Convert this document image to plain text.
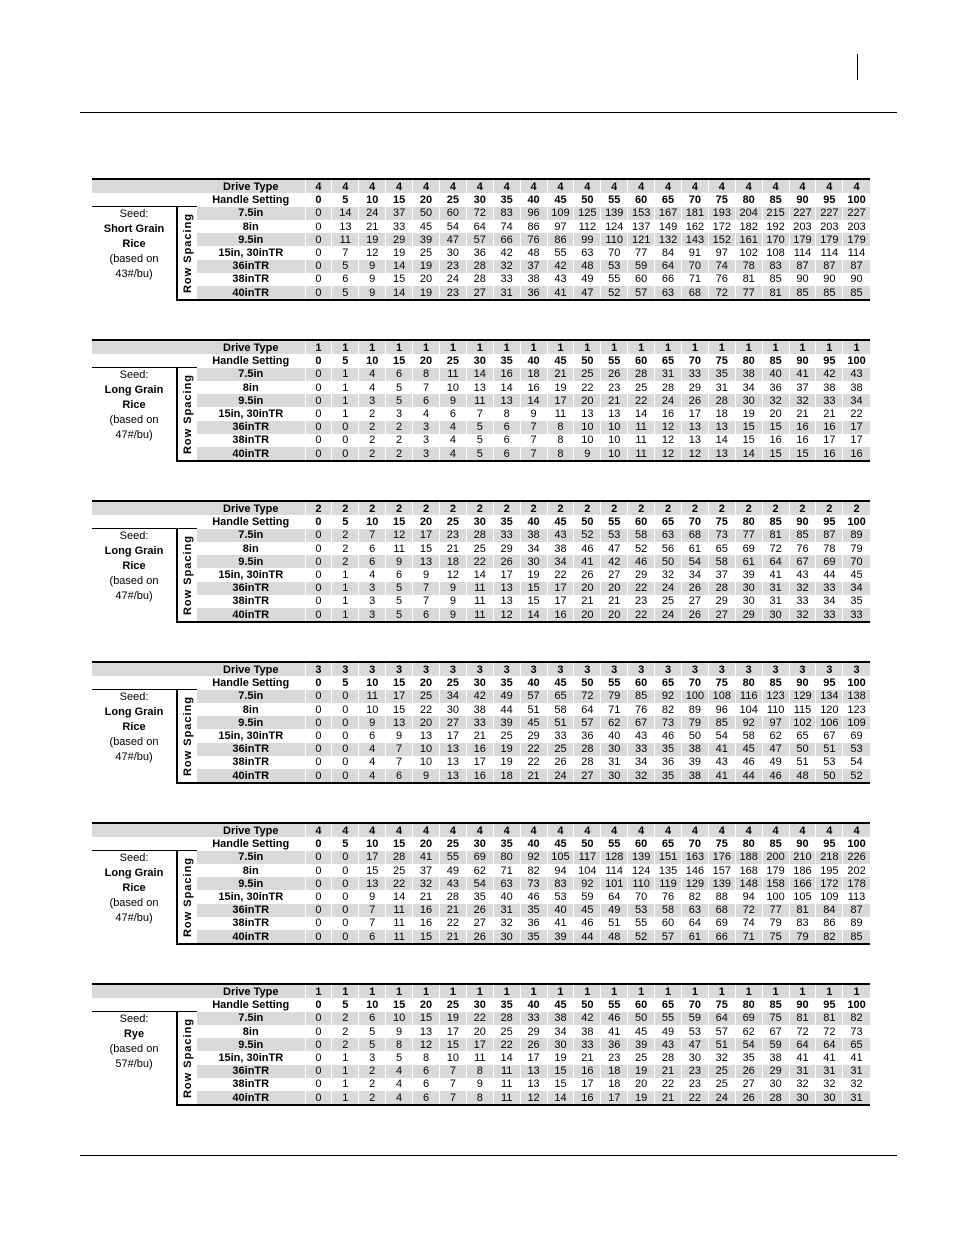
		Drive Type	4	4	4	4	4	4	4	4	4	4	4	4	4	4	4	4	4	4	4	4	4
		Handle Setting	0	5	10	15	20	25	30	35	40	45	50	55	60	65	70	75	80	85	90	95	100

Seed:
Short Grain
Rice
(based on
43#/bu)	Row Spacing	7.5in	0	14	24	37	50	60	72	83	96	109	125	139	153	167	181	193	204	215	227	227	227
		8in	0	13	21	33	45	54	64	74	86	97	112	124	137	149	162	172	182	192	203	203	203
		9.5in	0	11	19	29	39	47	57	66	76	86	99	110	121	132	143	152	161	170	179	179	179
		15in, 30inTR	0	7	12	19	25	30	36	42	48	55	63	70	77	84	91	97	102	108	114	114	114
		36inTR	0	5	9	14	19	23	28	32	37	42	48	53	59	64	70	74	78	83	87	87	87
		38inTR	0	6	9	15	20	24	28	33	38	43	49	55	60	66	71	76	81	85	90	90	90
		40inTR	0	5	9	14	19	23	27	31	36	41	47	52	57	63	68	72	77	81	85	85	85
		Drive Type	1	1	1	1	1	1	1	1	1	1	1	1	1	1	1	1	1	1	1	1	1
		Handle Setting	0	5	10	15	20	25	30	35	40	45	50	55	60	65	70	75	80	85	90	95	100

Seed:
Long Grain
Rice
(based on
47#/bu)	Row Spacing	7.5in	0	1	4	6	8	11	14	16	18	21	25	26	28	31	33	35	38	40	41	42	43
		8in	0	1	4	5	7	10	13	14	16	19	22	23	25	28	29	31	34	36	37	38	38
		9.5in	0	1	3	5	6	9	11	13	14	17	20	21	22	24	26	28	30	32	32	33	34
		15in, 30inTR	0	1	2	3	4	6	7	8	9	11	13	13	14	16	17	18	19	20	21	21	22
		36inTR	0	0	2	2	3	4	5	6	7	8	10	10	11	12	13	13	15	15	16	16	17
		38inTR	0	0	2	2	3	4	5	6	7	8	10	10	11	12	13	14	15	16	16	17	17
		40inTR	0	0	2	2	3	4	5	6	7	8	9	10	11	12	12	13	14	15	15	16	16
		Drive Type	2	2	2	2	2	2	2	2	2	2	2	2	2	2	2	2	2	2	2	2	2
		Handle Setting	0	5	10	15	20	25	30	35	40	45	50	55	60	65	70	75	80	85	90	95	100

Seed:
Long Grain
Rice
(based on
47#/bu)	Row Spacing	7.5in	0	2	7	12	17	23	28	33	38	43	52	53	58	63	68	73	77	81	85	87	89
		8in	0	2	6	11	15	21	25	29	34	38	46	47	52	56	61	65	69	72	76	78	79
		9.5in	0	2	6	9	13	18	22	26	30	34	41	42	46	50	54	58	61	64	67	69	70
		15in, 30inTR	0	1	4	6	9	12	14	17	19	22	26	27	29	32	34	37	39	41	43	44	45
		36inTR	0	1	3	5	7	9	11	13	15	17	20	20	22	24	26	28	30	31	32	33	34
		38inTR	0	1	3	5	7	9	11	13	15	17	21	21	23	25	27	29	30	31	33	34	35
		40inTR	0	1	3	5	6	9	11	12	14	16	20	20	22	24	26	27	29	30	32	33	33
		Drive Type	3	3	3	3	3	3	3	3	3	3	3	3	3	3	3	3	3	3	3	3	3
		Handle Setting	0	5	10	15	20	25	30	35	40	45	50	55	60	65	70	75	80	85	90	95	100

Seed:
Long Grain
Rice
(based on
47#/bu)	Row Spacing	7.5in	0	0	11	17	25	34	42	49	57	65	72	79	85	92	100	108	116	123	129	134	138
		8in	0	0	10	15	22	30	38	44	51	58	64	71	76	82	89	96	104	110	115	120	123
		9.5in	0	0	9	13	20	27	33	39	45	51	57	62	67	73	79	85	92	97	102	106	109
		15in, 30inTR	0	0	6	9	13	17	21	25	29	33	36	40	43	46	50	54	58	62	65	67	69
		36inTR	0	0	4	7	10	13	16	19	22	25	28	30	33	35	38	41	45	47	50	51	53
		38inTR	0	0	4	7	10	13	17	19	22	26	28	31	34	36	39	43	46	49	51	53	54
		40inTR	0	0	4	6	9	13	16	18	21	24	27	30	32	35	38	41	44	46	48	50	52
		Drive Type	4	4	4	4	4	4	4	4	4	4	4	4	4	4	4	4	4	4	4	4	4
		Handle Setting	0	5	10	15	20	25	30	35	40	45	50	55	60	65	70	75	80	85	90	95	100

Seed:
Long Grain
Rice
(based on
47#/bu)	Row Spacing	7.5in	0	0	17	28	41	55	69	80	92	105	117	128	139	151	163	176	188	200	210	218	226
		8in	0	0	15	25	37	49	62	71	82	94	104	114	124	135	146	157	168	179	186	195	202
		9.5in	0	0	13	22	32	43	54	63	73	83	92	101	110	119	129	139	148	158	166	172	178
		15in, 30inTR	0	0	9	14	21	28	35	40	46	53	59	64	70	76	82	88	94	100	105	109	113
		36inTR	0	0	7	11	16	21	26	31	35	40	45	49	53	58	63	68	72	77	81	84	87
		38inTR	0	0	7	11	16	22	27	32	36	41	46	51	55	60	64	69	74	79	83	86	89
		40inTR	0	0	6	11	15	21	26	30	35	39	44	48	52	57	61	66	71	75	79	82	85
		Drive Type	1	1	1	1	1	1	1	1	1	1	1	1	1	1	1	1	1	1	1	1	1
		Handle Setting	0	5	10	15	20	25	30	35	40	45	50	55	60	65	70	75	80	85	90	95	100

Seed:
Rye
(based on
57#/bu)	Row Spacing	7.5in	0	2	6	10	15	19	22	28	33	38	42	46	50	55	59	64	69	75	81	81	82
		8in	0	2	5	9	13	17	20	25	29	34	38	41	45	49	53	57	62	67	72	72	73
		9.5in	0	2	5	8	12	15	17	22	26	30	33	36	39	43	47	51	54	59	64	64	65
		15in, 30inTR	0	1	3	5	8	10	11	14	17	19	21	23	25	28	30	32	35	38	41	41	41
		36inTR	0	1	2	4	6	7	8	11	13	15	16	18	19	21	23	25	26	29	31	31	31
		38inTR	0	1	2	4	6	7	9	11	13	15	17	18	20	22	23	25	27	30	32	32	32
		40inTR	0	1	2	4	6	7	8	11	12	14	16	17	19	21	22	24	26	28	30	30	31
